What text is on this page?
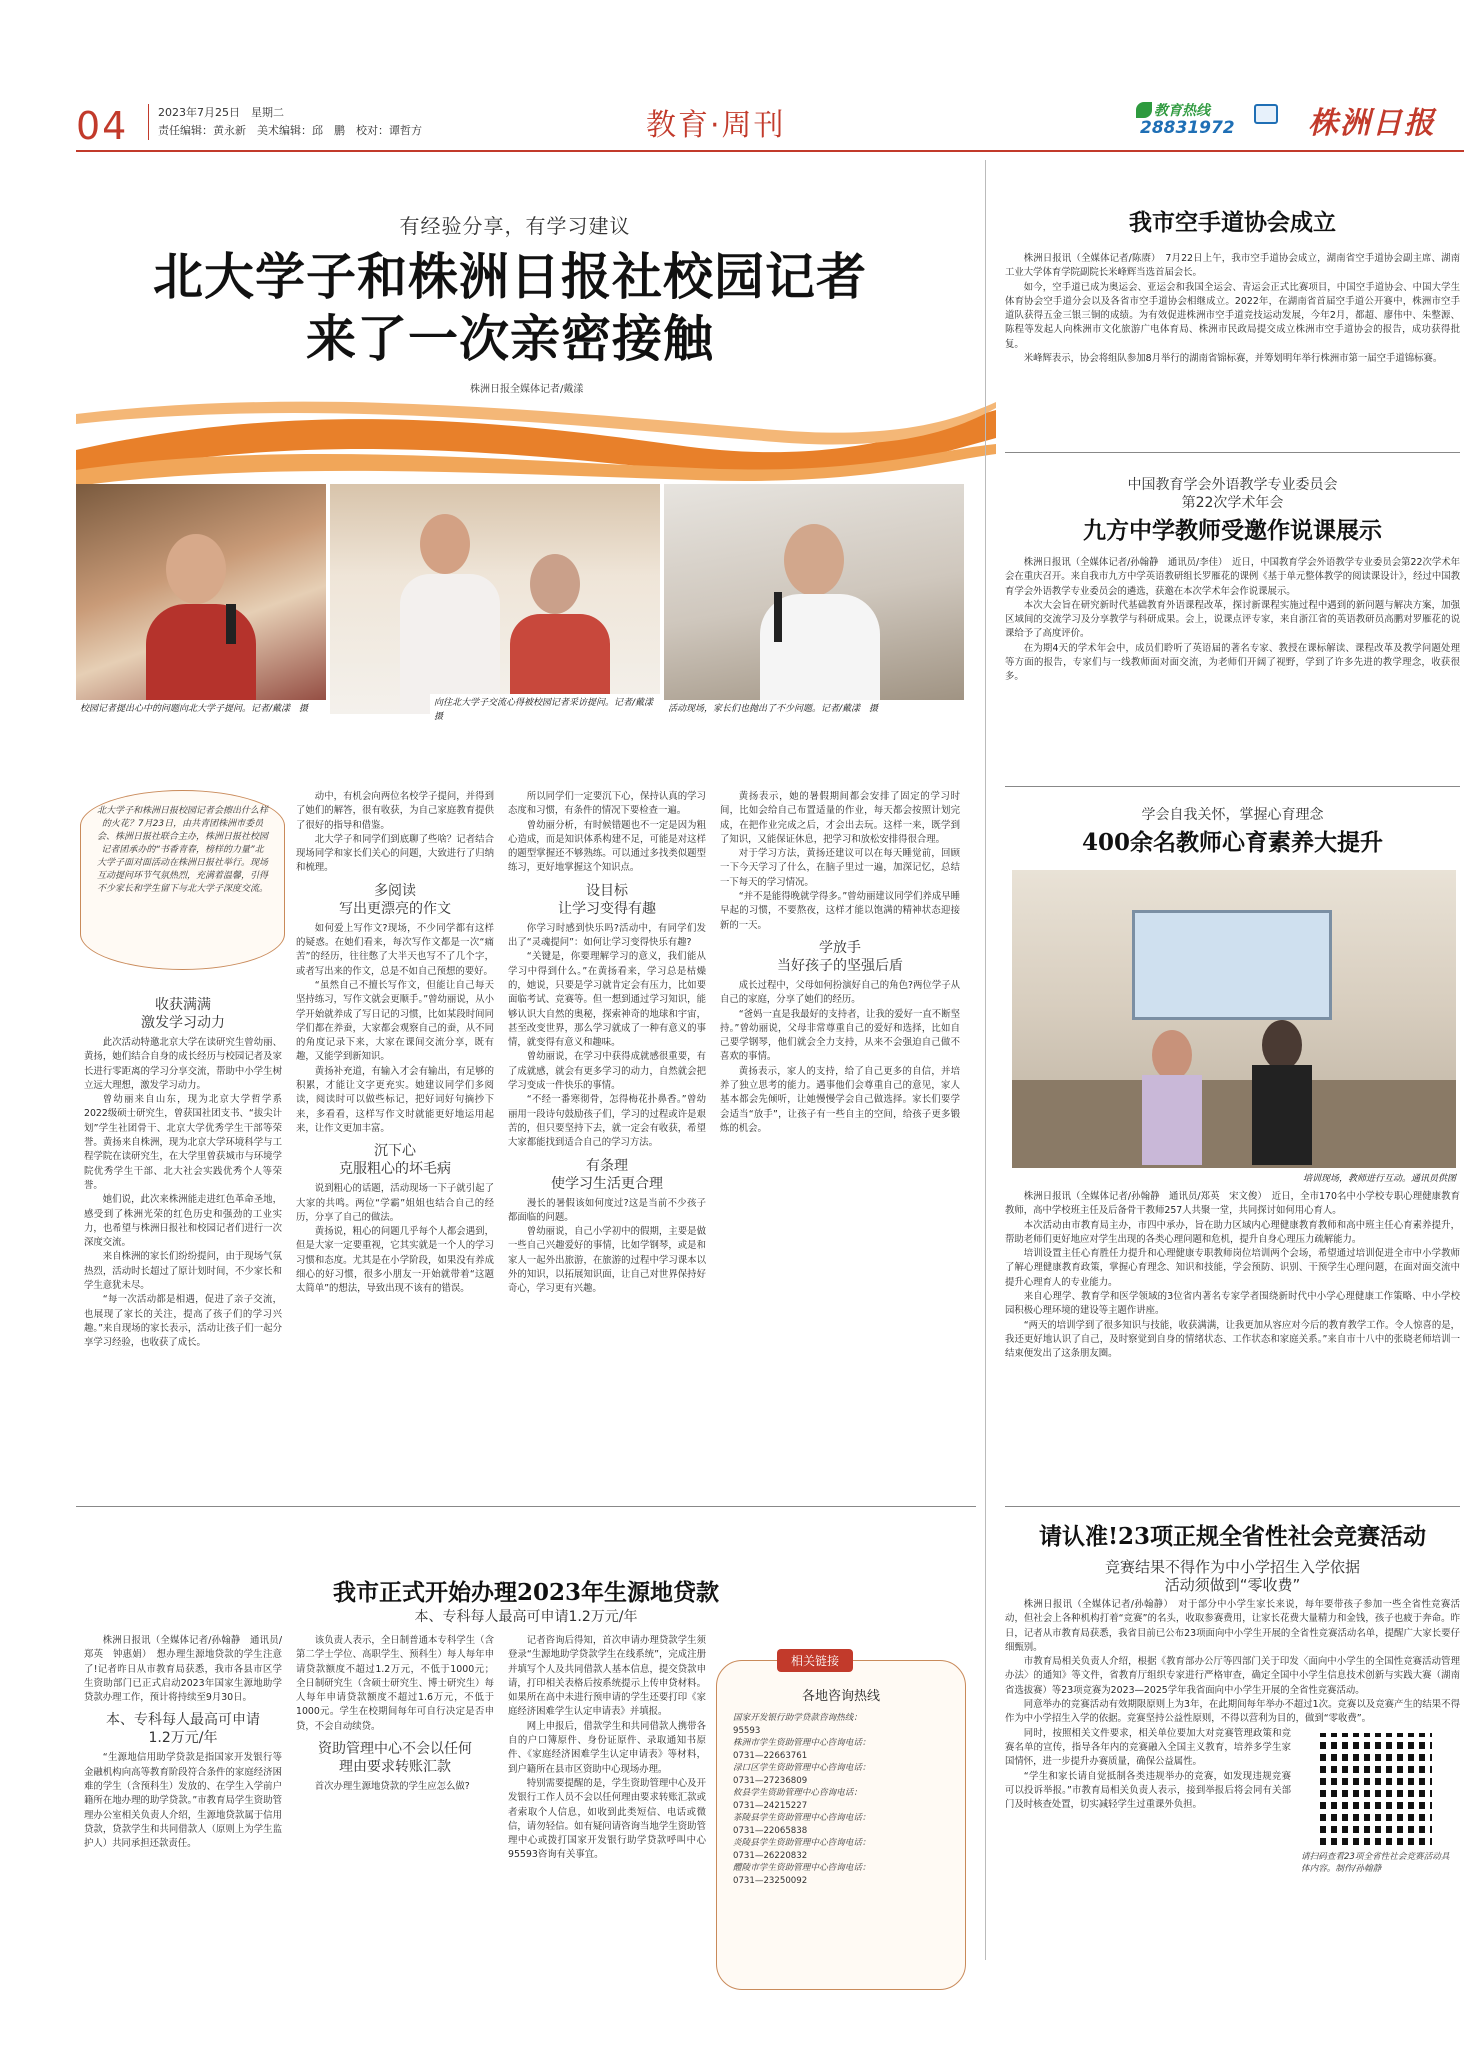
04	2023年7月25日　星期二
责任编辑：黄永新　美术编辑：邱　鹏　校对：谭哲方	教育·周刊	教育热线
28831972 株洲日报
有经验分享，有学习建议
北大学子和株洲日报社校园记者
来了一次亲密接触
株洲日报全媒体记者/戴漾
校园记者提出心中的问题向北大学子提问。记者/戴漾　摄
向往北大学子交流心得被校园记者采访提问。记者/戴漾　摄
活动现场，家长们也抛出了不少问题。记者/戴漾　摄
北大学子和株洲日报校园记者会擦出什么样的火花？7月23日，由共青团株洲市委员会、株洲日报社联合主办，株洲日报社校园记者团承办的“书香青春，榜样的力量”北大学子面对面活动在株洲日报社举行。现场互动提问环节气氛热烈，充满着温馨，引得不少家长和学生留下与北大学子深度交流。
收获满满
激发学习动力

此次活动特邀北京大学在读研究生曾幼丽、黄扬，她们结合自身的成长经历与校园记者及家长进行零距离的学习分享交流，帮助中小学生树立远大理想，激发学习动力。

曾幼丽来自山东，现为北京大学哲学系2022级硕士研究生，曾获国社团支书、“拔尖计划”学生社团骨干、北京大学优秀学生干部等荣誉。黄扬来自株洲，现为北京大学环境科学与工程学院在读研究生，在大学里曾获城市与环境学院优秀学生干部、北大社会实践优秀个人等荣誉。

她们说，此次来株洲能走进红色革命圣地，感受到了株洲光荣的红色历史和强劲的工业实力，也希望与株洲日报社和校园记者们进行一次深度交流。

来自株洲的家长们纷纷提问，由于现场气氛热烈，活动时长超过了原计划时间，不少家长和学生意犹未尽。

“每一次活动都是相遇，促进了亲子交流，也展现了家长的关注，提高了孩子们的学习兴趣。”来自现场的家长表示，活动让孩子们一起分享学习经验，也收获了成长。

动中，有机会向两位名校学子提问，并得到了她们的解答，很有收获，为自己家庭教育提供了很好的指导和借鉴。

北大学子和同学们到底聊了些啥？记者结合现场同学和家长们关心的问题，大致进行了归纳和梳理。

多阅读
写出更漂亮的作文

如何爱上写作文?现场，不少同学都有这样的疑惑。在她们看来，每次写作文都是一次“痛苦”的经历，往往憋了大半天也写不了几个字，或者写出来的作文，总是不如自己预想的要好。

“虽然自己不擅长写作文，但能让自己每天坚持练习，写作文就会更顺手。”曾幼丽说，从小学开始就养成了写日记的习惯，比如某段时间同学们都在养蚕，大家都会观察自己的蚕，从不同的角度记录下来，大家在课间交流分享，既有趣，又能学到新知识。

黄扬补充道，有输入才会有输出，有足够的积累，才能让文字更充实。她建议同学们多阅读，阅读时可以做些标记，把好词好句摘抄下来，多看看，这样写作文时就能更好地运用起来，让作文更加丰富。

沉下心
克服粗心的坏毛病

说到粗心的话题，活动现场一下子就引起了大家的共鸣。两位“学霸”姐姐也结合自己的经历，分享了自己的做法。

黄扬说，粗心的问题几乎每个人都会遇到，但是大家一定要重视，它其实就是一个人的学习习惯和态度。尤其是在小学阶段，如果没有养成细心的好习惯，很多小朋友一开始就带着“这题太简单”的想法，导致出现不该有的错误。

所以同学们一定要沉下心，保持认真的学习态度和习惯，有条件的情况下要检查一遍。

曾幼丽分析，有时候错题也不一定是因为粗心造成，而是知识体系构建不足，可能是对这样的题型掌握还不够熟练。可以通过多找类似题型练习，更好地掌握这个知识点。

设目标
让学习变得有趣

你学习时感到快乐吗?活动中，有同学们发出了“灵魂提问”：如何让学习变得快乐有趣?

“关键是，你要理解学习的意义，我们能从学习中得到什么。”在黄扬看来，学习总是枯燥的，她说，只要是学习就肯定会有压力，比如要面临考试、竞赛等。但一想到通过学习知识，能够认识大自然的奥秘，探索神奇的地球和宇宙，甚至改变世界，那么学习就成了一种有意义的事情，就变得有意义和趣味。

曾幼丽说，在学习中获得成就感很重要，有了成就感，就会有更多学习的动力，自然就会把学习变成一件快乐的事情。

“不经一番寒彻骨，怎得梅花扑鼻香。”曾幼丽用一段诗句鼓励孩子们，学习的过程或许是艰苦的，但只要坚持下去，就一定会有收获，希望大家都能找到适合自己的学习方法。

有条理
使学习生活更合理

漫长的暑假该如何度过?这是当前不少孩子都面临的问题。

曾幼丽说，自己小学初中的假期，主要是做一些自己兴趣爱好的事情，比如学钢琴，或是和家人一起外出旅游，在旅游的过程中学习课本以外的知识，以拓展知识面，让自己对世界保持好奇心，学习更有兴趣。

黄扬表示，她的暑假期间都会安排了固定的学习时间，比如会给自己布置适量的作业，每天都会按照计划完成，在把作业完成之后，才会出去玩。这样一来，既学到了知识，又能保证休息，把学习和放松安排得很合理。

对于学习方法，黄扬还建议可以在每天睡觉前，回顾一下今天学习了什么，在脑子里过一遍，加深记忆，总结一下每天的学习情况。

“并不是能得晚就学得多。”曾幼丽建议同学们养成早睡早起的习惯，不要熬夜，这样才能以饱满的精神状态迎接新的一天。

学放手
当好孩子的坚强后盾

成长过程中，父母如何扮演好自己的角色?两位学子从自己的家庭，分享了她们的经历。

“爸妈一直是我最好的支持者，让我的爱好一直不断坚持。”曾幼丽说，父母非常尊重自己的爱好和选择，比如自己要学钢琴，他们就会全力支持，从来不会强迫自己做不喜欢的事情。

黄扬表示，家人的支持，给了自己更多的自信，并培养了独立思考的能力。遇事他们会尊重自己的意见，家人基本都会先倾听，让她慢慢学会自己做选择。家长们要学会适当“放手”，让孩子有一些自主的空间，给孩子更多锻炼的机会。

我市空手道协会成立

株洲日报讯（全媒体记者/陈赓）　7月22日上午，我市空手道协会成立，湖南省空手道协会副主席、湖南工业大学体育学院副院长米峰辉当选首届会长。

如今，空手道已成为奥运会、亚运会和我国全运会、青运会正式比赛项目，中国空手道协会、中国大学生体育协会空手道分会以及各省市空手道协会相继成立。2022年，在湖南省首届空手道公开赛中，株洲市空手道队获得五金三银三铜的成绩。为有效促进株洲市空手道竞技运动发展，今年2月，都超、廖伟中、朱整源、陈程等发起人向株洲市文化旅游广电体育局、株洲市民政局提交成立株洲市空手道协会的报告，成功获得批复。

米峰辉表示，协会将组队参加8月举行的湖南省锦标赛，并筹划明年举行株洲市第一届空手道锦标赛。

中国教育学会外语教学专业委员会
第22次学术年会
九方中学教师受邀作说课展示

株洲日报讯（全媒体记者/孙翰静　通讯员/李佳）　近日，中国教育学会外语教学专业委员会第22次学术年会在重庆召开。来自我市九方中学英语教研组长罗雁花的课例《基于单元整体教学的阅读课设计》，经过中国教育学会外语教学专业委员会的遴选，获邀在本次学术年会作说课展示。

本次大会旨在研究新时代基础教育外语课程改革，探讨新课程实施过程中遇到的新问题与解决方案，加强区域间的交流学习及分享教学与科研成果。会上，说课点评专家，来自浙江省的英语教研员高鹏对罗雁花的说课给予了高度评价。

在为期4天的学术年会中，成员们聆听了英语届的著名专家、教授在课标解读、课程改革及教学问题处理等方面的报告，专家们与一线教师面对面交流，为老师们开阔了视野，学到了许多先进的教学理念，收获很多。

学会自我关怀，掌握心育理念
400余名教师心育素养大提升
培训现场，教师进行互动。通讯员供图

株洲日报讯（全媒体记者/孙翰静　通讯员/郑英　宋文俊）　近日，全市170名中小学校专职心理健康教育教师，高中学校班主任及后备骨干教师257人共聚一堂，共同探讨如何用心育人。

本次活动由市教育局主办，市四中承办，旨在助力区域内心理健康教育教师和高中班主任心育素养提升，帮助老师们更好地应对学生出现的各类心理问题和危机，提升自身心理压力疏解能力。

培训设置主任心育胜任力提升和心理健康专职教师岗位培训两个会场，希望通过培训促进全市中小学教师了解心理健康教育政策，掌握心育理念、知识和技能，学会预防、识别、干预学生心理问题，在面对面交流中提升心理育人的专业能力。

来自心理学、教育学和医学领域的3位省内著名专家学者围绕新时代中小学心理健康工作策略、中小学校园积极心理环境的建设等主题作讲座。

“两天的培训学到了很多知识与技能，收获满满，让我更加从容应对今后的教育教学工作。令人惊喜的是，我还更好地认识了自己，及时察觉到自身的情绪状态、工作状态和家庭关系。”来自市十八中的张晓老师培训一结束便发出了这条朋友圈。

我市正式开始办理2023年生源地贷款
本、专科每人最高可申请1.2万元/年

株洲日报讯（全媒体记者/孙翰静　通讯员/郑英　钟惠娟）　想办理生源地贷款的学生注意了!记者昨日从市教育局获悉，我市各县市区学生资助部门已正式启动2023年国家生源地助学贷款办理工作，预计将持续至9月30日。

本、专科每人最高可申请
1.2万元/年

“生源地信用助学贷款是指国家开发银行等金融机构向高等教育阶段符合条件的家庭经济困难的学生（含预科生）发放的、在学生入学前户籍所在地办理的助学贷款。”市教育局学生资助管理办公室相关负责人介绍，生源地贷款属于信用贷款，贷款学生和共同借款人（原则上为学生监护人）共同承担还款责任。

该负责人表示，全日制普通本专科学生（含第二学士学位、高职学生、预科生）每人每年申请贷款额度不超过1.2万元，不低于1000元；全日制研究生（含硕士研究生、博士研究生）每人每年申请贷款额度不超过1.6万元，不低于1000元。学生在校期间每年可自行决定是否申贷，不会自动续贷。

资助管理中心不会以任何
理由要求转账汇款

首次办理生源地贷款的学生应怎么做?

记者咨询后得知，首次申请办理贷款学生须登录“生源地助学贷款学生在线系统”，完成注册并填写个人及共同借款人基本信息，提交贷款申请，打印相关表格后按系统提示上传申贷材料。如果所在高中未进行预申请的学生还要打印《家庭经济困难学生认定申请表》并填报。

网上申报后，借款学生和共同借款人携带各自的户口簿原件、身份证原件、录取通知书原件、《家庭经济困难学生认定申请表》等材料，到户籍所在县市区资助中心现场办理。

特别需要提醒的是，学生资助管理中心及开发银行工作人员不会以任何理由要求转账汇款或者索取个人信息，如收到此类短信、电话或微信，请勿轻信。如有疑问请咨询当地学生资助管理中心或拨打国家开发银行助学贷款呼叫中心95593咨询有关事宜。

相关链接
各地咨询热线
国家开发银行助学贷款咨询热线：
95593
株洲市学生资助管理中心咨询电话：
0731—22663761
渌口区学生资助管理中心咨询电话：
0731—27236809
攸县学生资助管理中心咨询电话：
0731—24215227
茶陵县学生资助管理中心咨询电话：
0731—22065838
炎陵县学生资助管理中心咨询电话：
0731—26220832
醴陵市学生资助管理中心咨询电话：
0731—23250092
请认准!23项正规全省性社会竞赛活动
竞赛结果不得作为中小学招生入学依据
活动须做到“零收费”

株洲日报讯（全媒体记者/孙翰静）　对于部分中小学生家长来说，每年要带孩子参加一些全省性竞赛活动，但社会上各种机构打着“竞赛”的名头，收取参赛费用，让家长花费大量精力和金钱，孩子也疲于奔命。昨日，记者从市教育局获悉，我省目前已公布23项面向中小学生开展的全省性竞赛活动名单，提醒广大家长要仔细甄别。

市教育局相关负责人介绍，根据《教育部办公厅等四部门关于印发〈面向中小学生的全国性竞赛活动管理办法〉的通知》等文件，省教育厅组织专家进行严格审查，确定全国中小学生信息技术创新与实践大赛（湖南省选拔赛）等23项竞赛为2023—2025学年我省面向中小学生开展的全省性竞赛活动。

同意举办的竞赛活动有效期限原则上为3年，在此期间每年举办不超过1次。竞赛以及竞赛产生的结果不得作为中小学招生入学的依据。竞赛坚持公益性原则，不得以营利为目的，做到“零收费”。

同时，按照相关文件要求，相关单位要加大对竞赛管理政策和竞赛名单的宣传，指导各年内的竞赛融入全国主义教育，培养多学生家国情怀，进一步提升办赛质量，确保公益属性。

“学生和家长请自觉抵制各类违规举办的竞赛，如发现违规竞赛可以投诉举报。”市教育局相关负责人表示，接到举报后将会同有关部门及时核查处置，切实减轻学生过重课外负担。

请扫码查看23项全省性社会竞赛活动具体内容。制作/孙翰静
